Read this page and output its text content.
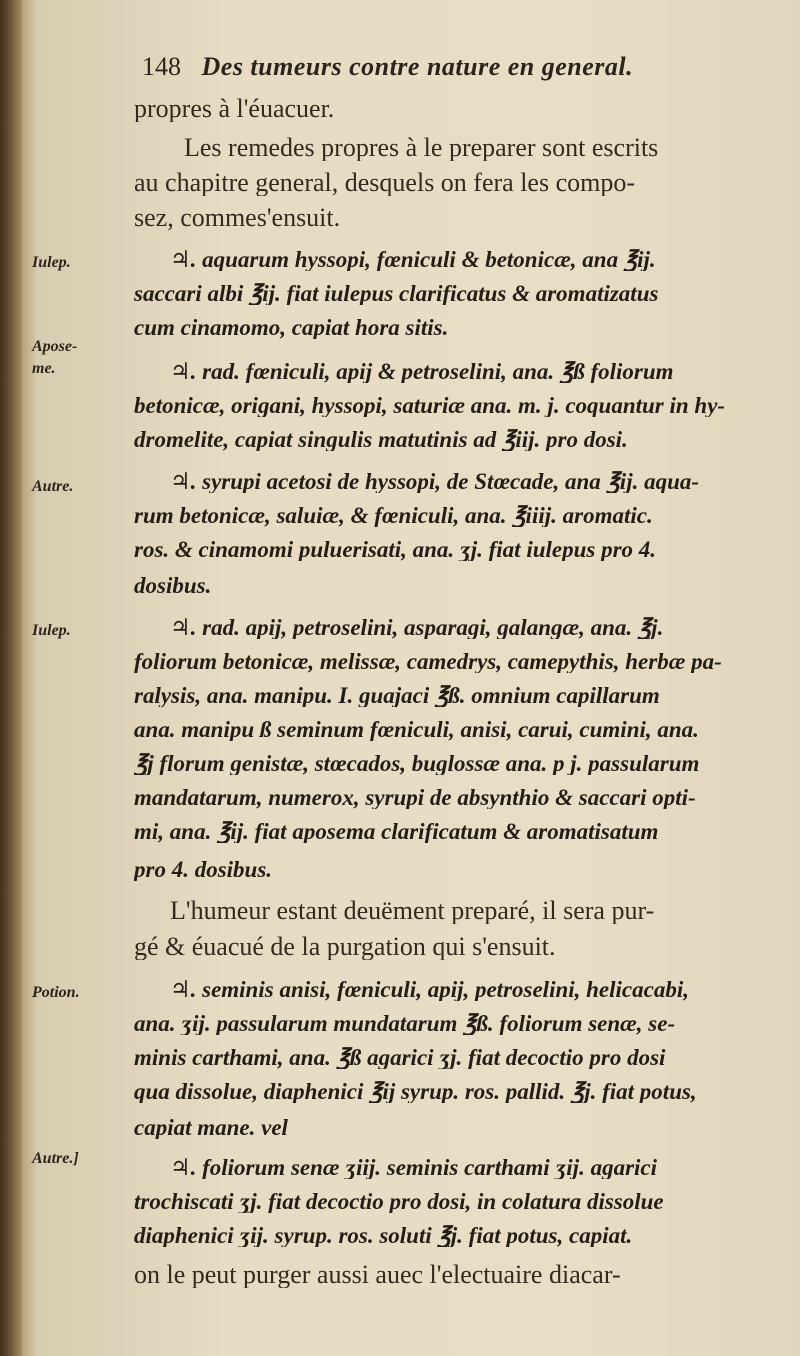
148 Des tumeurs contre nature en general.
Iulep.
Apose-
me.
Autre.
Iulep.
Potion.
Autre.]
propres à l'éuacuer.
Les remedes propres à le preparer sont escrits
au chapitre general, desquels on fera les compo-
sez, commes'ensuit.
♃. aquarum hyssopi, fœniculi & betonicæ, ana ℥ij.
saccari albi ℥ij. fiat iulepus clarificatus & aromatizatus
cum cinamomo, capiat hora sitis.
♃. rad. fœniculi, apij & petroselini, ana. ℥ß foliorum
betonicæ, origani, hyssopi, saturiæ ana. m. j. coquantur in hy-
dromelite, capiat singulis matutinis ad ℥iij. pro dosi.
♃. syrupi acetosi de hyssopi, de Stœcade, ana ℥ij. aqua-
rum betonicæ, saluiæ, & fœniculi, ana. ℥iiij. aromatic.
ros. & cinamomi puluerisati, ana. ʒj. fiat iulepus pro 4.
dosibus.
♃. rad. apij, petroselini, asparagi, galangæ, ana. ℥j.
foliorum betonicæ, melissæ, camedrys, camepythis, herbæ pa-
ralysis, ana. manipu. I. guajaci ℥ß. omnium capillarum
ana. manipu ß seminum fœniculi, anisi, carui, cumini, ana.
℥j florum genistæ, stœcados, buglossæ ana. p j. passularum
mandatarum, numerox, syrupi de absynthio & saccari opti-
mi, ana. ℥ij. fiat aposema clarificatum & aromatisatum
pro 4. dosibus.
L'humeur estant deuëment preparé, il sera pur-
gé & éuacué de la purgation qui s'ensuit.
♃. seminis anisi, fœniculi, apij, petroselini, helicacabi,
ana. ʒij. passularum mundatarum ℥ß. foliorum senæ, se-
minis carthami, ana. ℥ß agarici ʒj. fiat decoctio pro dosi
qua dissolue, diaphenici ℥ij syrup. ros. pallid. ℥j. fiat potus,
capiat mane. vel
♃. foliorum senæ ʒiij. seminis carthami ʒij. agarici
trochiscati ʒj. fiat decoctio pro dosi, in colatura dissolue
diaphenici ʒij. syrup. ros. soluti ℥j. fiat potus, capiat.
on le peut purger aussi auec l'electuaire diacar-
